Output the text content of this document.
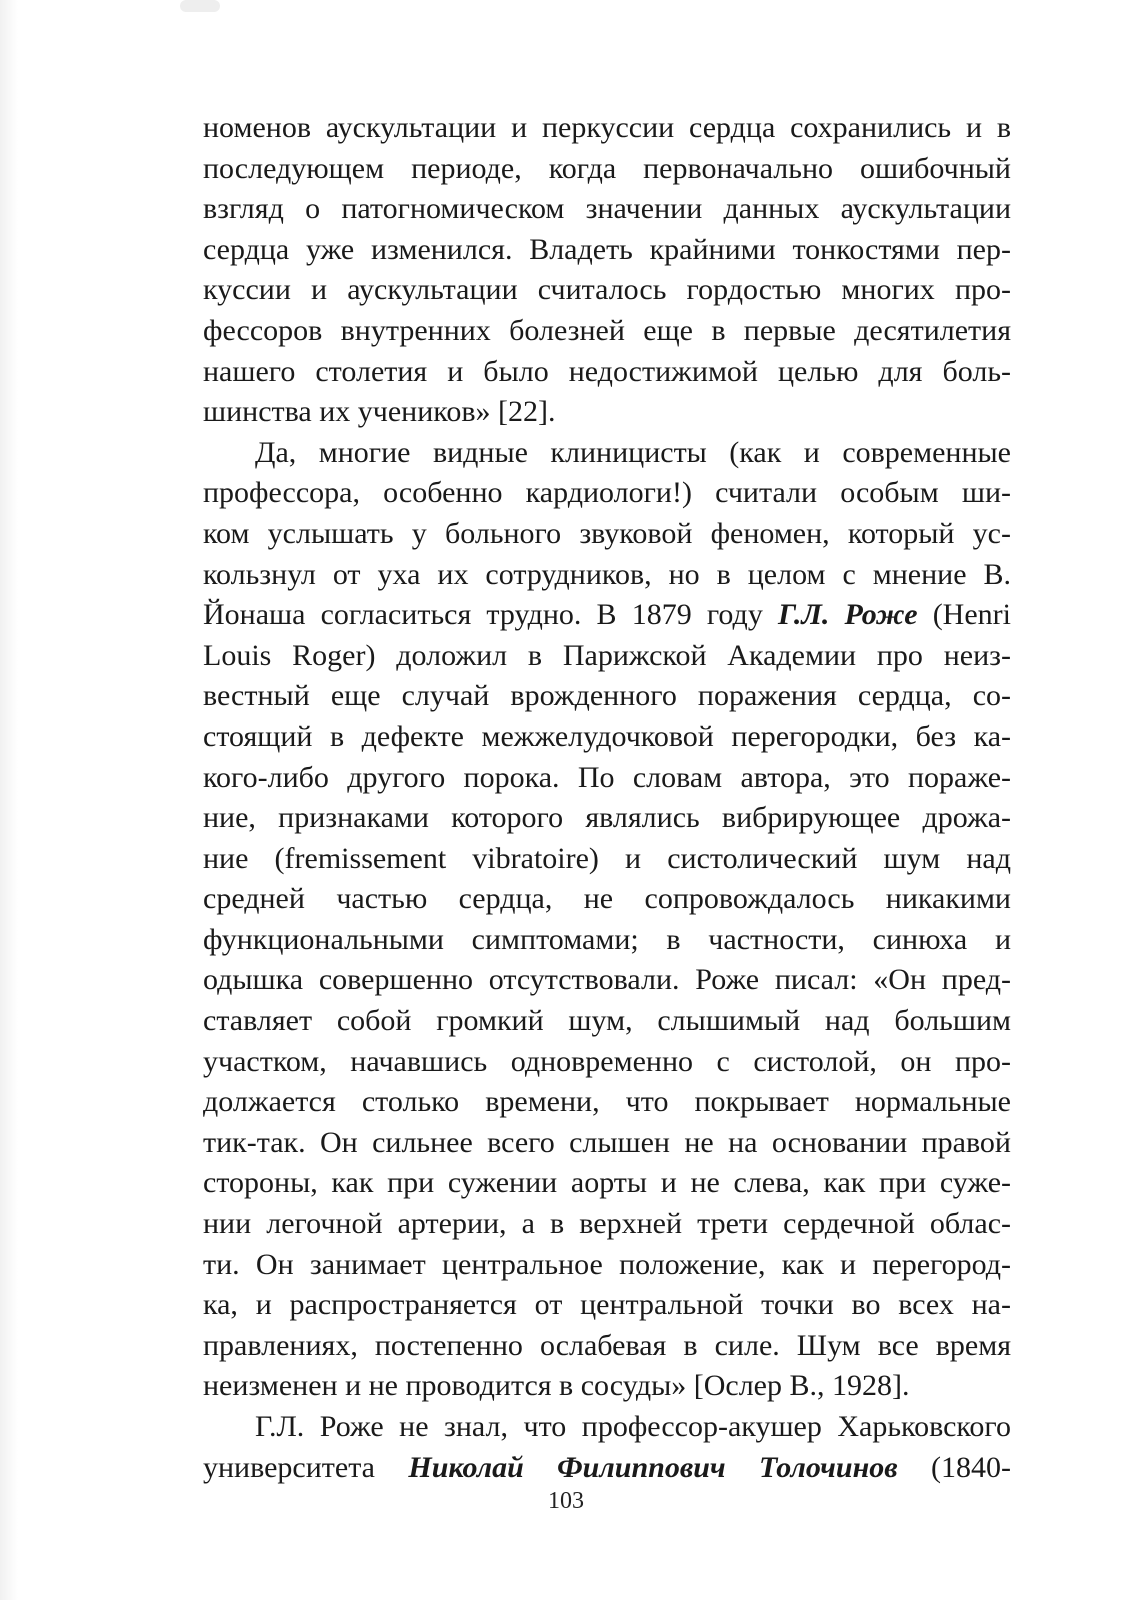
номенов аускультации и перкуссии сердца сохранились и в
последующем периоде, когда первоначально ошибочный
взгляд о патогномическом значении данных аускультации
сердца уже изменился. Владеть крайними тонкостями пер-
куссии и аускультации считалось гордостью многих про-
фессоров внутренних болезней еще в первые десятилетия
нашего столетия и было недостижимой целью для боль-
шинства их учеников» [22].
Да, многие видные клиницисты (как и современные
профессора, особенно кардиологи!) считали особым ши-
ком услышать у больного звуковой феномен, который ус-
кользнул от уха их сотрудников, но в целом с мнение В.
Йонаша согласиться трудно. В 1879 году Г.Л. Роже (Henri
Louis Roger) доложил в Парижской Академии про неиз-
вестный еще случай врожденного поражения сердца, со-
стоящий в дефекте межжелудочковой перегородки, без ка-
кого-либо другого порока. По словам автора, это пораже-
ние, признаками которого являлись вибрирующее дрожа-
ние (fremissement vibratoire) и систолический шум над
средней частью сердца, не сопровождалось никакими
функциональными симптомами; в частности, синюха и
одышка совершенно отсутствовали. Роже писал: «Он пред-
ставляет собой громкий шум, слышимый над большим
участком, начавшись одновременно с систолой, он про-
должается столько времени, что покрывает нормальные
тик-так. Он сильнее всего слышен не на основании правой
стороны, как при сужении аорты и не слева, как при суже-
нии легочной артерии, а в верхней трети сердечной облас-
ти. Он занимает центральное положение, как и перегород-
ка, и распространяется от центральной точки во всех на-
правлениях, постепенно ослабевая в силе. Шум все время
неизменен и не проводится в сосуды» [Ослер В., 1928].
Г.Л. Роже не знал, что профессор-акушер Харьковского
университета Николай Филиппович Толочинов (1840-
103
